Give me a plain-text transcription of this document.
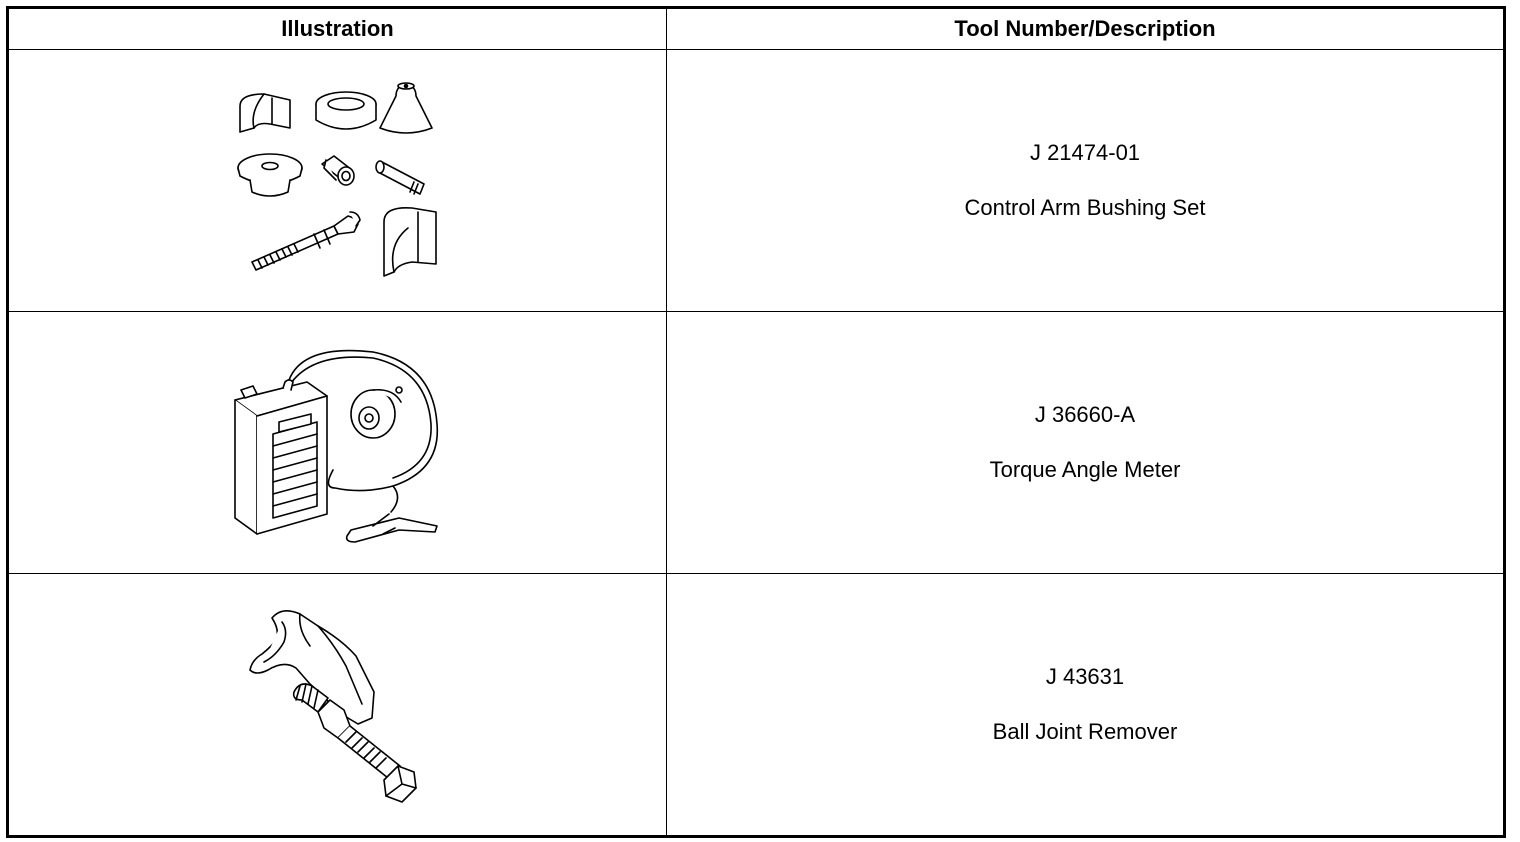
Illustration	Tool Number/Description

J 21474-01
Control Arm Bushing Set

J 36660-A
Torque Angle Meter

J 43631
Ball Joint Remover
